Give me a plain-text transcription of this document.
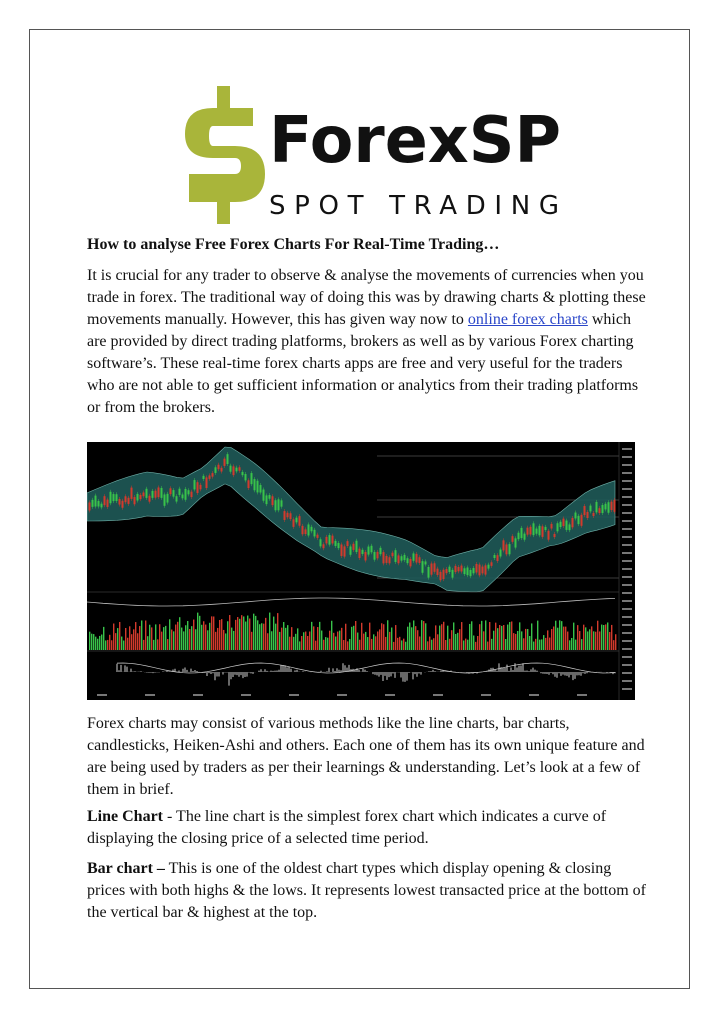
ForexSP
SPOT TRADING
How to analyse Free Forex Charts For Real-Time Trading…

It is crucial for any trader to observe & analyse the movements of currencies when you trade in forex. The traditional way of doing this was by drawing charts & plotting these movements manually. However, this has given way now to online forex charts which are provided by direct trading platforms, brokers as well as by various Forex charting software’s. These real-time forex charts apps are free and very useful for the traders who are not able to get sufficient information or analytics from their trading platforms or from the brokers.

Forex charts may consist of various methods like the line charts, bar charts, candlesticks, Heiken-Ashi and others. Each one of them has its own unique feature and are being used by traders as per their learnings & understanding. Let’s look at a few of them in brief.

Line Chart - The line chart is the simplest forex chart which indicates a curve of displaying the closing price of a selected time period.

Bar chart – This is one of the oldest chart types which display opening & closing prices with both highs & the lows. It represents lowest transacted price at the bottom of the vertical bar & highest at the top.
